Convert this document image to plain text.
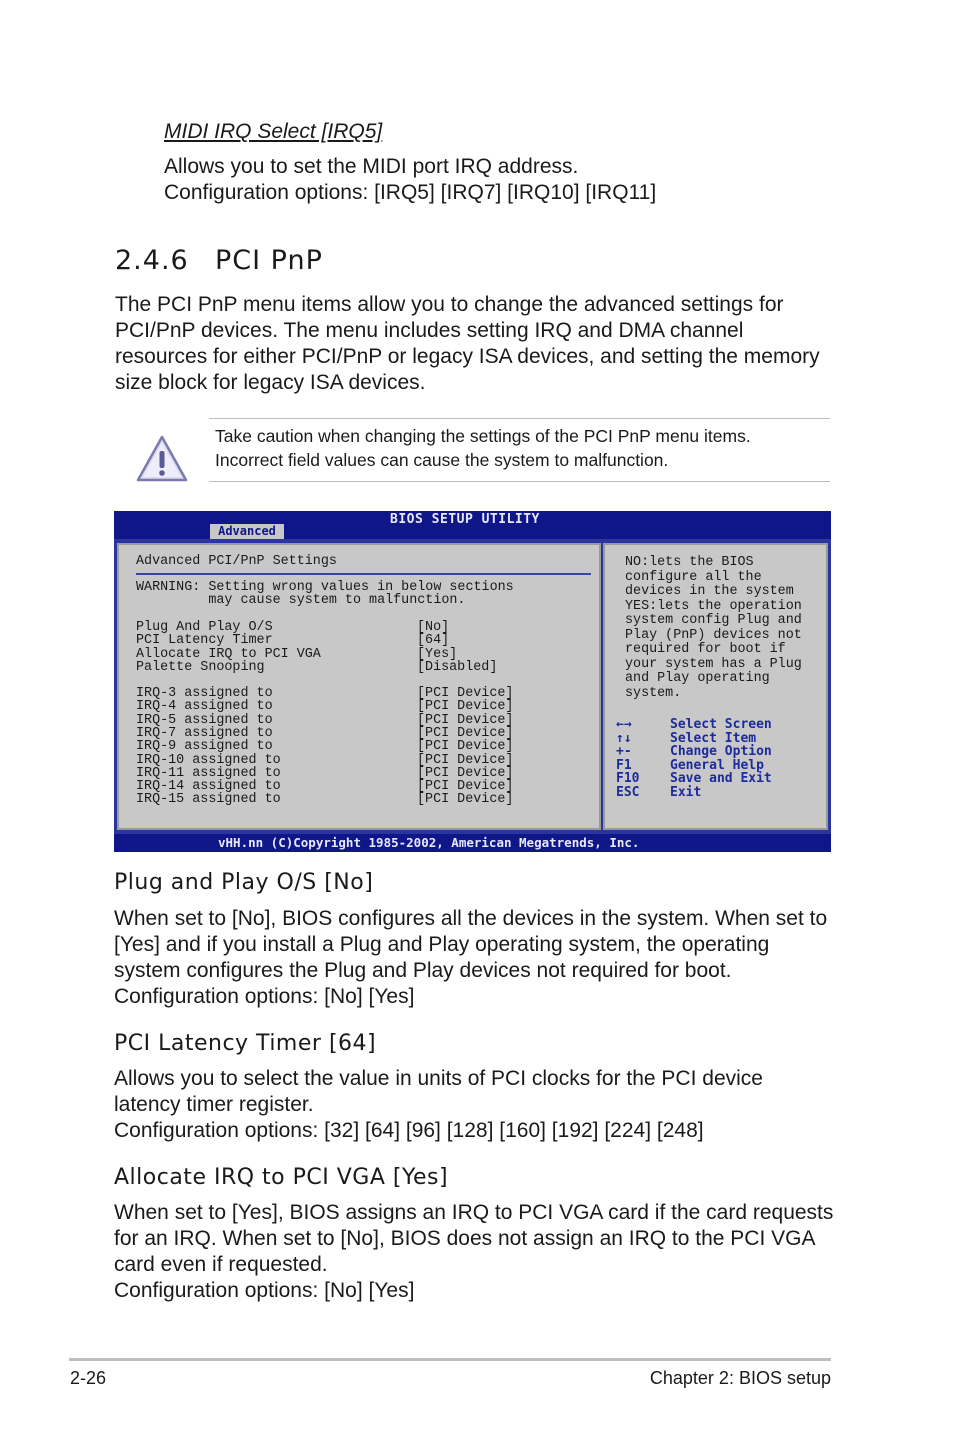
MIDI IRQ Select [IRQ5]
Allows you to set the MIDI port IRQ address.
Configuration options: [IRQ5] [IRQ7] [IRQ10] [IRQ11]
2.4.6 PCI PnP
The PCI PnP menu items allow you to change the advanced settings for PCI/PnP devices. The menu includes setting IRQ and DMA channel resources for either PCI/PnP or legacy ISA devices, and setting the memory size block for legacy ISA devices.
Take caution when changing the settings of the PCI PnP menu items.
Incorrect field values can cause the system to malfunction.
BIOS SETUP UTILITY
Advanced
Advanced PCI/PnP Settings
WARNING: Setting wrong values in below sections
may cause system to malfunction.
Plug And Play O/S	[No]
PCI Latency Timer	[64]
Allocate IRQ to PCI VGA	[Yes]
Palette Snooping	[Disabled]
IRQ-3 assigned to	[PCI Device]
IRQ-4 assigned to	[PCI Device]
IRQ-5 assigned to	[PCI Device]
IRQ-7 assigned to	[PCI Device]
IRQ-9 assigned to	[PCI Device]
IRQ-10 assigned to	[PCI Device]
IRQ-11 assigned to	[PCI Device]
IRQ-14 assigned to	[PCI Device]
IRQ-15 assigned to	[PCI Device]
NO:lets the BIOS
configure all the
devices in the system
YES:lets the operation
system config Plug and
Play (PnP) devices not
required for boot if
your system has a Plug
and Play operating
system.
←→	Select Screen
↑↓	Select Item
+-	Change Option
F1	General Help
F10 Save and Exit
ESC Exit
vHH.nn (C)Copyright 1985-2002, American Megatrends, Inc.
Plug and Play O/S [No]
When set to [No], BIOS configures all the devices in the system. When set to [Yes] and if you install a Plug and Play operating system, the operating system configures the Plug and Play devices not required for boot.
Configuration options: [No] [Yes]
PCI Latency Timer [64]
Allows you to select the value in units of PCI clocks for the PCI device latency timer register.
Configuration options: [32] [64] [96] [128] [160] [192] [224] [248]
Allocate IRQ to PCI VGA [Yes]
When set to [Yes], BIOS assigns an IRQ to PCI VGA card if the card requests for an IRQ. When set to [No], BIOS does not assign an IRQ to the PCI VGA card even if requested.
Configuration options: [No] [Yes]
2-26	Chapter 2: BIOS setup
